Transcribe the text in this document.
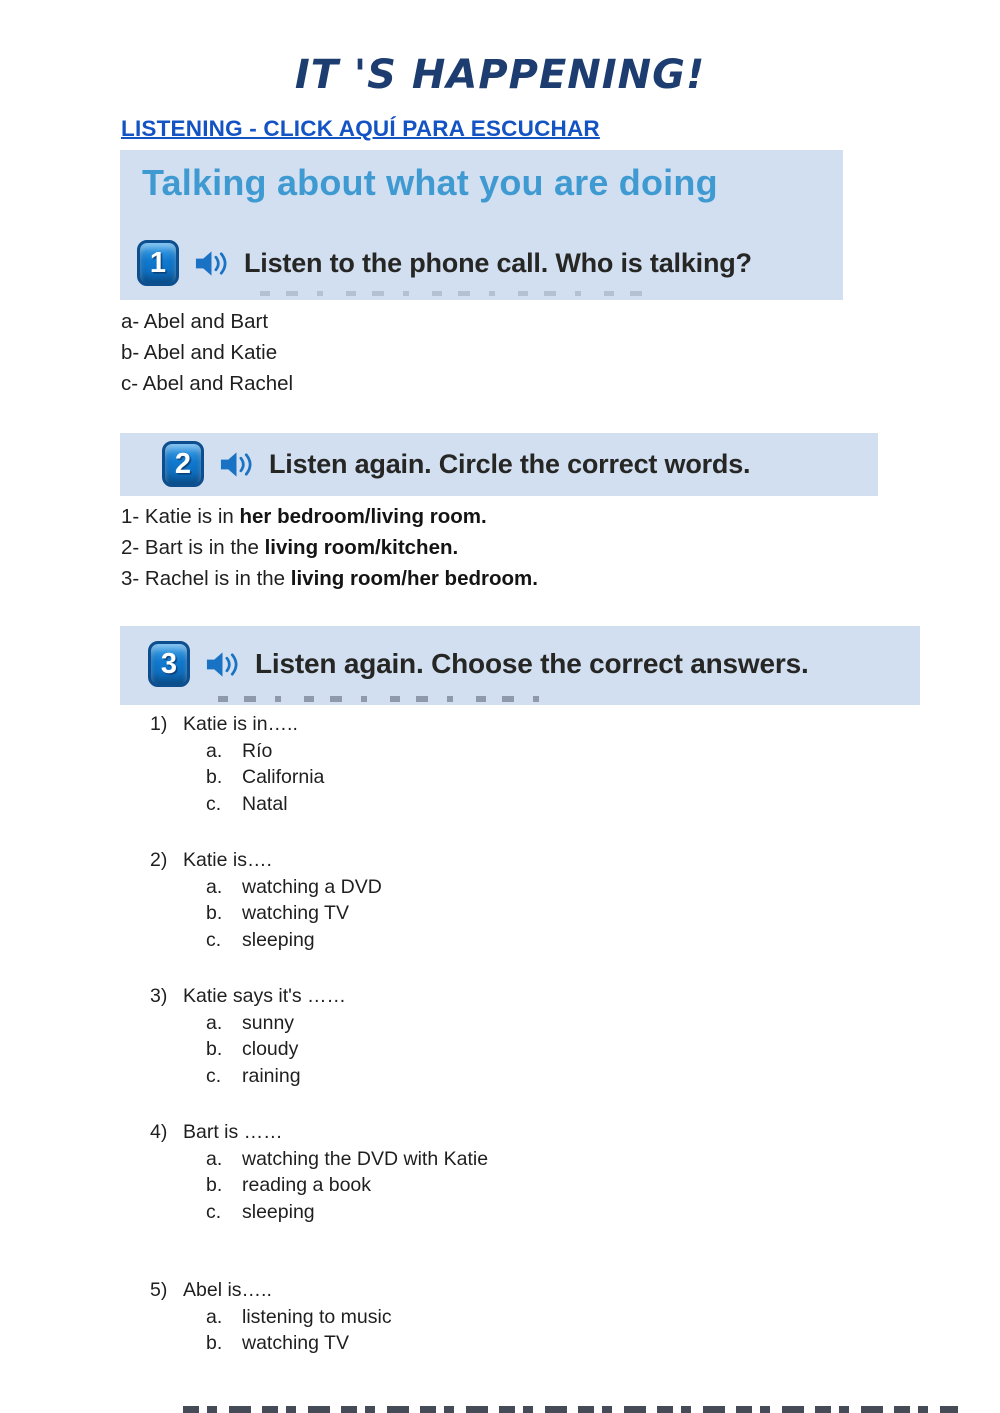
IT 'S HAPPENING!
LISTENING - CLICK AQUÍ PARA ESCUCHAR
Talking about what you are doing
1	Listen to the phone call. Who is talking?
a- Abel and Bart
b- Abel and Katie
c- Abel and Rachel
2	Listen again. Circle the correct words.
1- Katie is in her bedroom/living room.
2- Bart is in the living room/kitchen.
3- Rachel is in the living room/her bedroom.
3	Listen again. Choose the correct answers.
1) Katie is in…..
a.	Río
b.	California
c.	Natal
2) Katie is….
a.	watching a DVD
b.	watching TV
c.	sleeping
3) Katie says it's ……
a.	sunny
b.	cloudy
c.	raining
4) Bart is ……
a.	watching the DVD with Katie
b.	reading a book
c.	sleeping
5) Abel is…..
a.	listening to music
b.	watching TV
